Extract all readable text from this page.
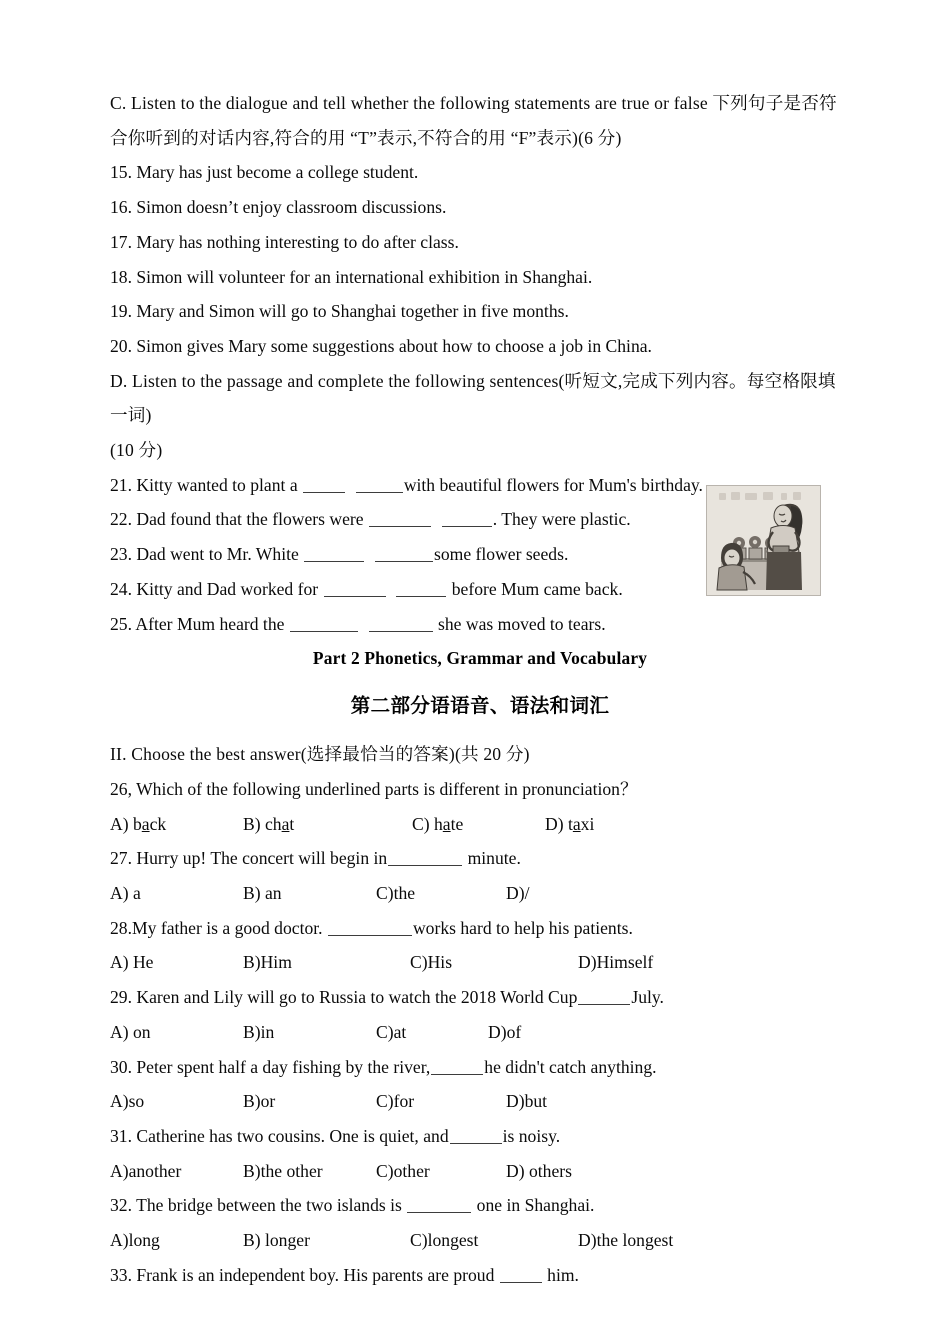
C. Listen to the dialogue and tell whether the following statements are true or false 下列句子是否符合你听到的对话内容,符合的用 “T”表示,不符合的用 “F”表示)(6 分)

15. Mary has just become a college student.

16. Simon doesn’t enjoy classroom discussions.

17. Mary has nothing interesting to do after class.

18. Simon will volunteer for an international exhibition in Shanghai.

19. Mary and Simon will go to Shanghai together in five months.

20. Simon gives Mary some suggestions about how to choose a job in China.

D. Listen to the passage and complete the following sentences(听短文,完成下列内容。每空格限填一词)

(10 分)

21. Kitty wanted to plant a	with beautiful flowers for Mum's birthday.

22. Dad found that the flowers were	. They were plastic.

23. Dad went to Mr. White	some flower seeds.

24. Kitty and Dad worked for	before Mum came back.

25. After Mum heard the	she was moved to tears.

Part 2 Phonetics, Grammar and Vocabulary

第二部分语语音、语法和词汇

II. Choose the best answer(选择最恰当的答案)(共 20 分)

26, Which of the following underlined parts is different in pronunciation？

A) back	B) chat	C) hate	D) taxi

27. Hurry up! The concert will begin in	minute.

A) a	B) an	C)the	D)/

28.My father is a good doctor.	works hard to help his patients.

A) He	B)Him	C)His	D)Himself

29. Karen and Lily will go to Russia to watch the 2018 World Cup	July.

A) on	B)in	C)at	D)of

30. Peter spent half a day fishing by the river,	he didn't catch anything.

A)so	B)or	C)for	D)but

31. Catherine has two cousins. One is quiet, and	is noisy.

A)another	B)the other	C)other	D) others

32. The bridge between the two islands is	one in Shanghai.

A)long	B) longer	C)longest	D)the longest

33. Frank is an independent boy. His parents are proud	him.
